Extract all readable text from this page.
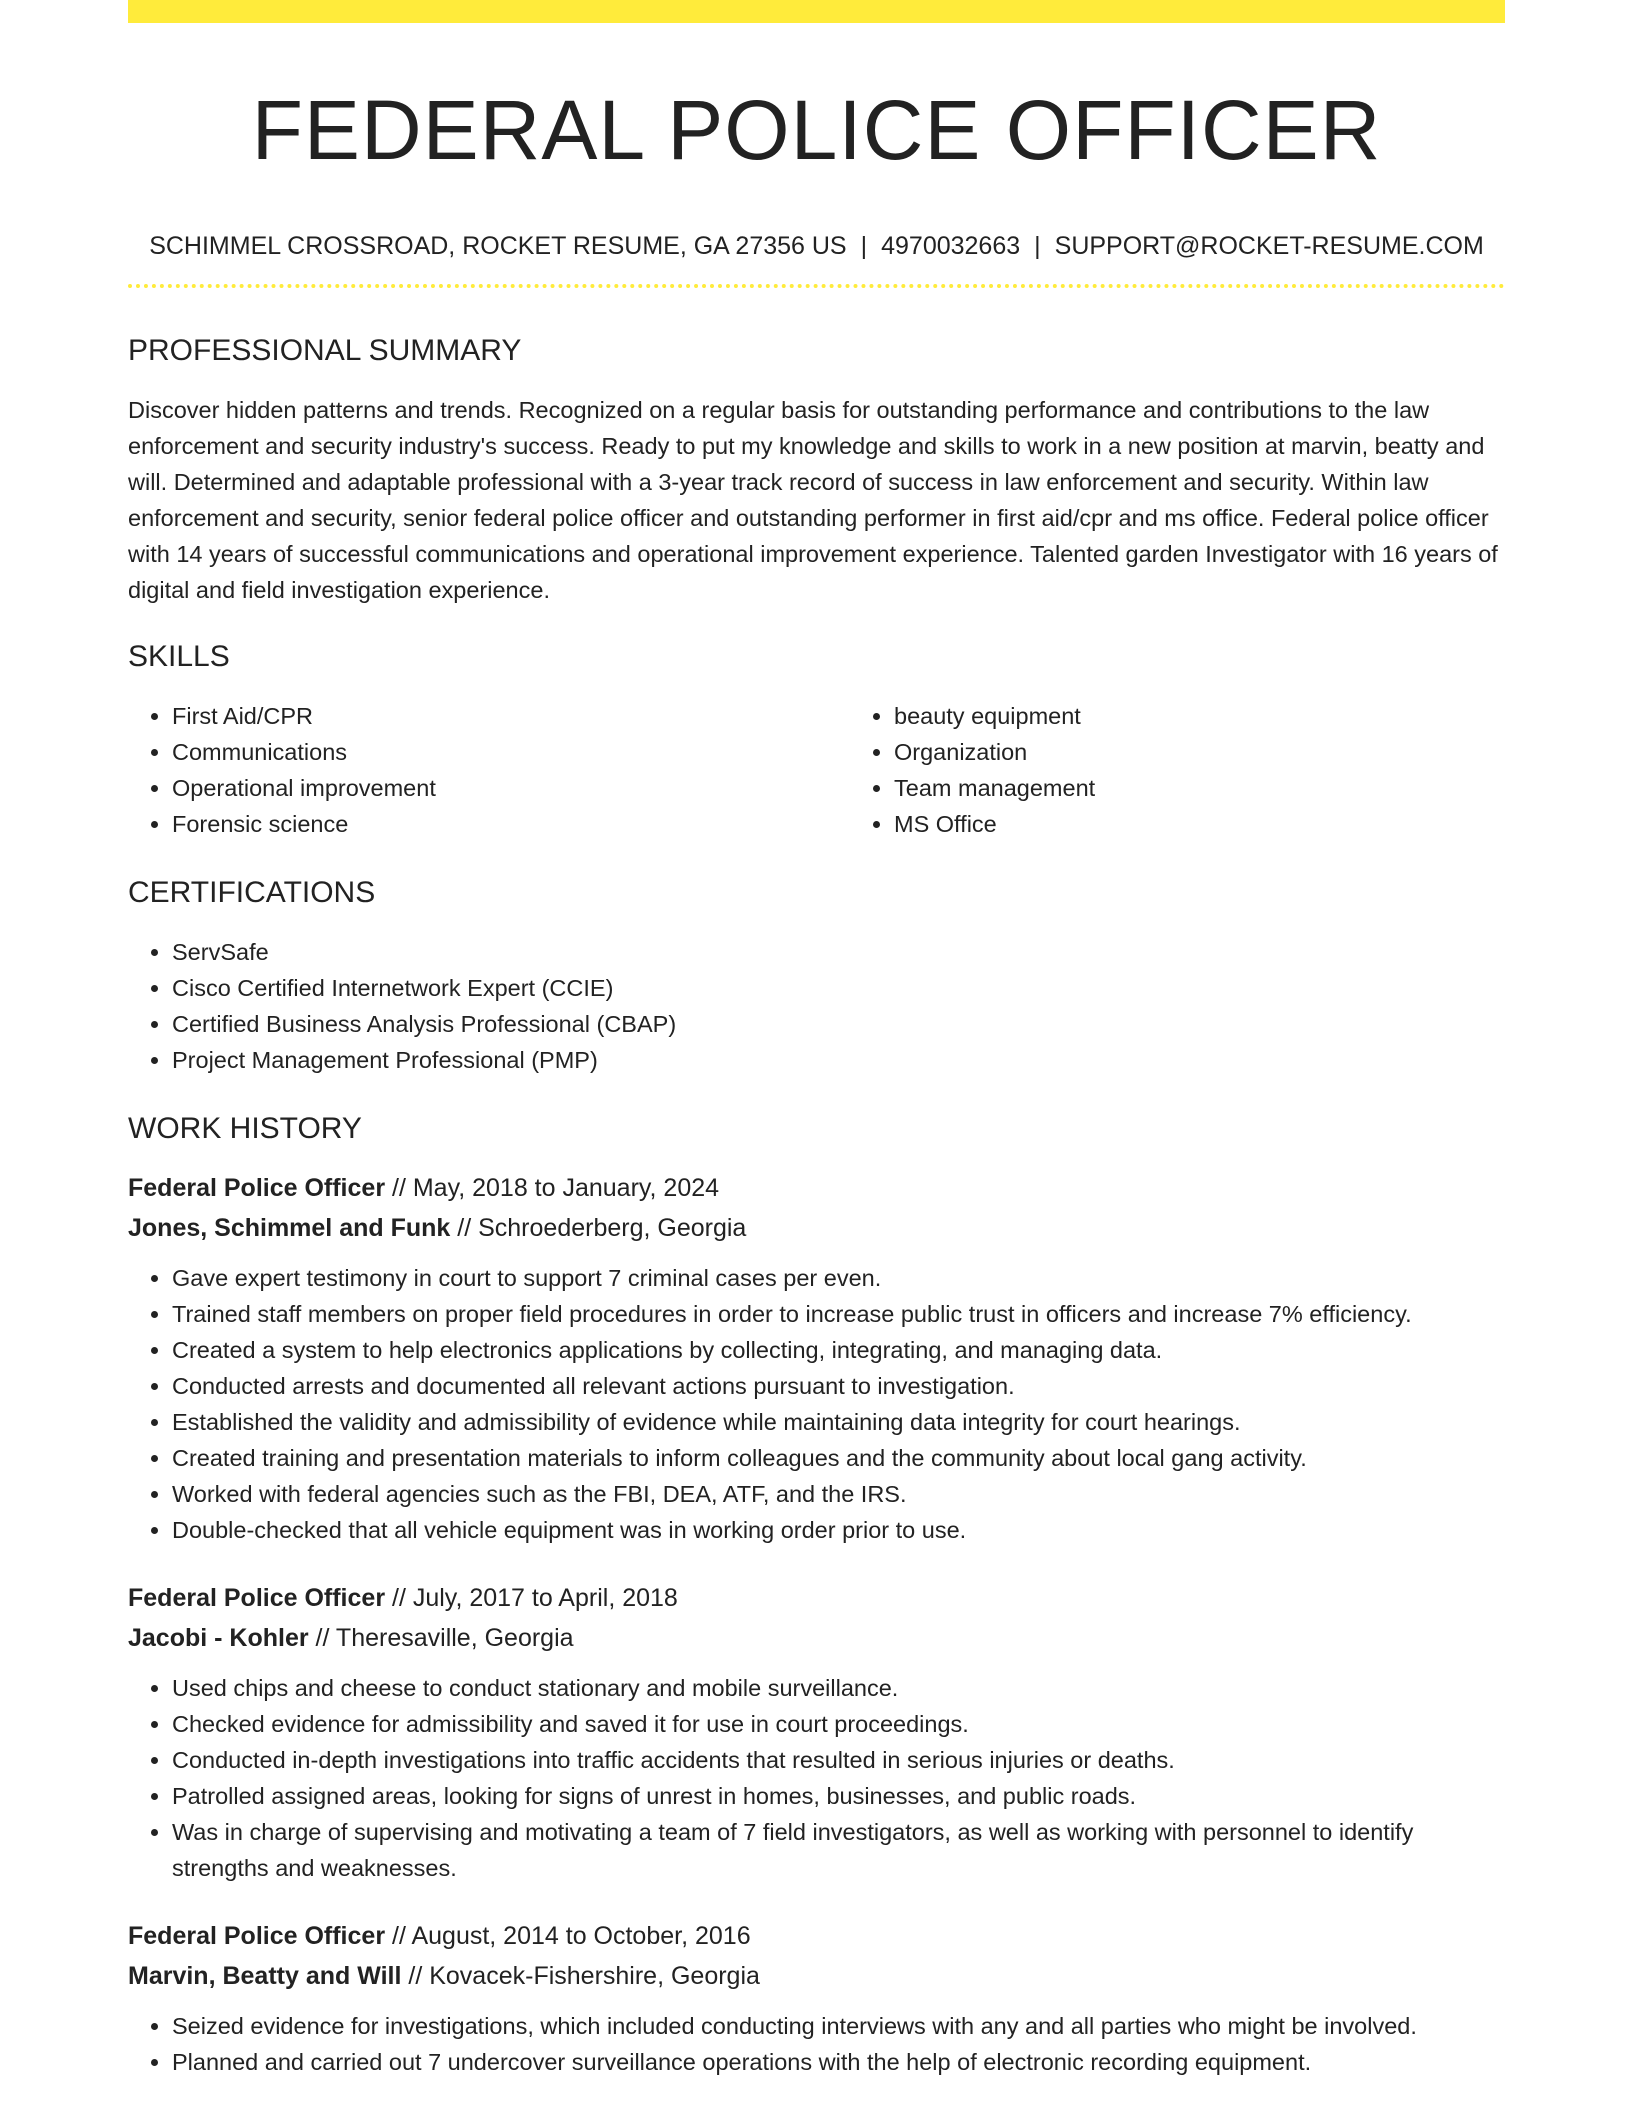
FEDERAL POLICE OFFICER
SCHIMMEL CROSSROAD, ROCKET RESUME, GA 27356 US | 4970032663 | SUPPORT@ROCKET-RESUME.COM
PROFESSIONAL SUMMARY

Discover hidden patterns and trends. Recognized on a regular basis for outstanding performance and contributions to the law enforcement and security industry's success. Ready to put my knowledge and skills to work in a new position at marvin, beatty and will. Determined and adaptable professional with a 3-year track record of success in law enforcement and security. Within law enforcement and security, senior federal police officer and outstanding performer in first aid/cpr and ms office. Federal police officer with 14 years of successful communications and operational improvement experience. Talented garden Investigator with 16 years of digital and field investigation experience.

SKILLS
• First Aid/CPR
• Communications
• Operational improvement
• Forensic science
• beauty equipment
• Organization
• Team management
• MS Office
CERTIFICATIONS
• ServSafe
• Cisco Certified Internetwork Expert (CCIE)
• Certified Business Analysis Professional (CBAP)
• Project Management Professional (PMP)
WORK HISTORY
Federal Police Officer // May, 2018 to January, 2024
Jones, Schimmel and Funk // Schroederberg, Georgia
• Gave expert testimony in court to support 7 criminal cases per even.
• Trained staff members on proper field procedures in order to increase public trust in officers and increase 7% efficiency.
• Created a system to help electronics applications by collecting, integrating, and managing data.
• Conducted arrests and documented all relevant actions pursuant to investigation.
• Established the validity and admissibility of evidence while maintaining data integrity for court hearings.
• Created training and presentation materials to inform colleagues and the community about local gang activity.
• Worked with federal agencies such as the FBI, DEA, ATF, and the IRS.
• Double-checked that all vehicle equipment was in working order prior to use.
Federal Police Officer // July, 2017 to April, 2018
Jacobi - Kohler // Theresaville, Georgia
• Used chips and cheese to conduct stationary and mobile surveillance.
• Checked evidence for admissibility and saved it for use in court proceedings.
• Conducted in-depth investigations into traffic accidents that resulted in serious injuries or deaths.
• Patrolled assigned areas, looking for signs of unrest in homes, businesses, and public roads.
• Was in charge of supervising and motivating a team of 7 field investigators, as well as working with personnel to identify strengths and weaknesses.
Federal Police Officer // August, 2014 to October, 2016
Marvin, Beatty and Will // Kovacek-Fishershire, Georgia
• Seized evidence for investigations, which included conducting interviews with any and all parties who might be involved.
• Planned and carried out 7 undercover surveillance operations with the help of electronic recording equipment.
